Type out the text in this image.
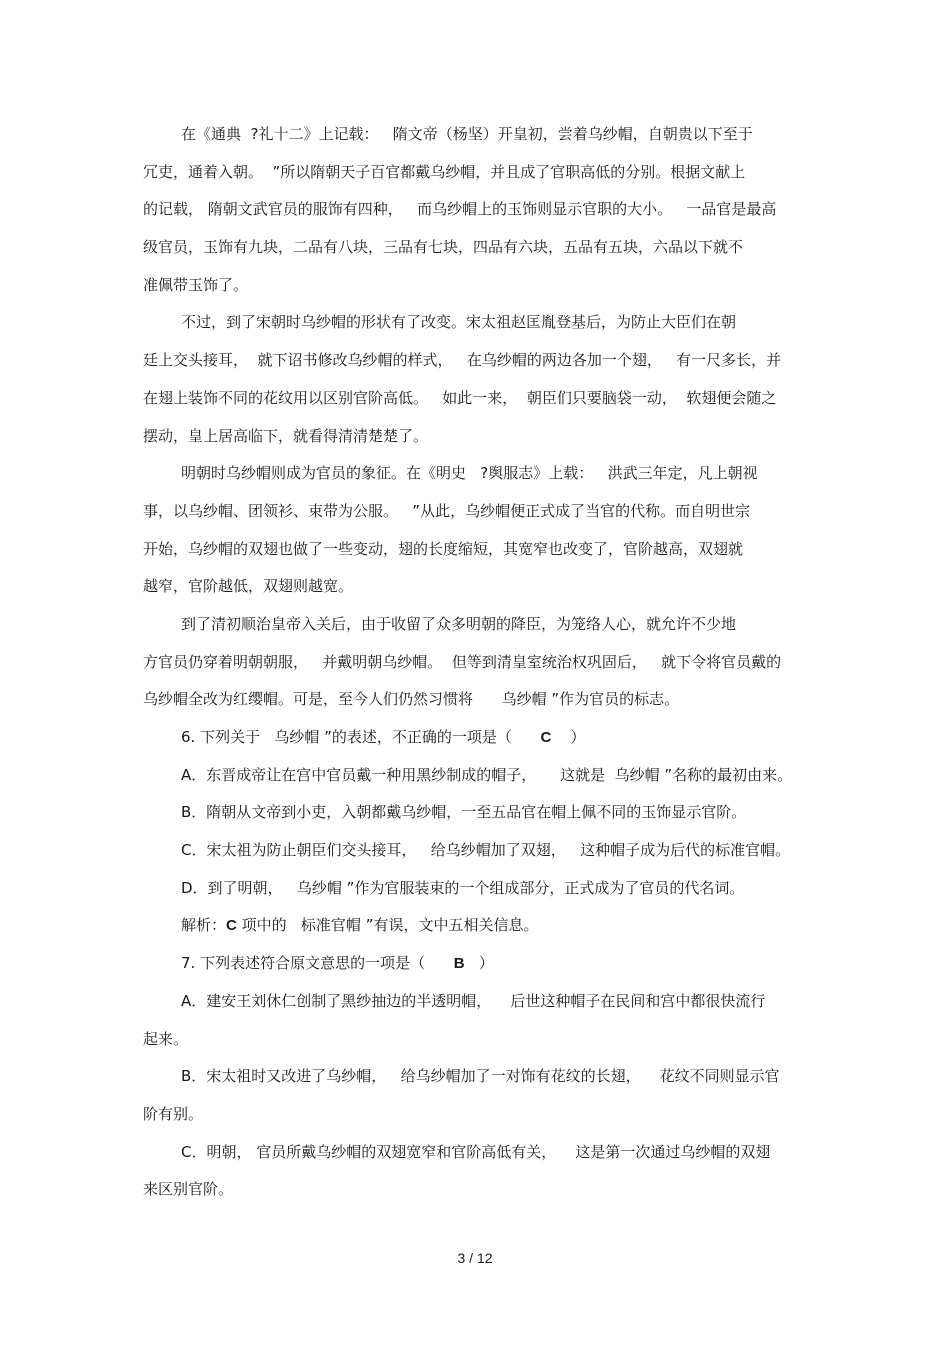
在《通典  ?礼十二》上记载：   隋文帝（杨坚）开皇初，尝着乌纱帽，自朝贵以下至于
冗吏，通着入朝。  ”所以隋朝天子百官都戴乌纱帽，并且成了官职高低的分别。根据文献上
的记载， 隋朝文武官员的服饰有四种，   而乌纱帽上的玉饰则显示官职的大小。   一品官是最高
级官员，玉饰有九块，二品有八块，三品有七块，四品有六块，五品有五块，六品以下就不
准佩带玉饰了。
不过，到了宋朝时乌纱帽的形状有了改变。宋太祖赵匡胤登基后，为防止大臣们在朝
廷上交头接耳，  就下诏书修改乌纱帽的样式，   在乌纱帽的两边各加一个翅，   有一尺多长，并
在翅上装饰不同的花纹用以区别官阶高低。   如此一来，  朝臣们只要脑袋一动，  软翅便会随之
摆动，皇上居高临下，就看得清清楚楚了。
明朝时乌纱帽则成为官员的象征。在《明史   ?舆服志》上载：   洪武三年定，凡上朝视
事，以乌纱帽、团领衫、束带为公服。   ”从此，乌纱帽便正式成了当官的代称。而自明世宗
开始，乌纱帽的双翅也做了一些变动，翅的长度缩短，其宽窄也改变了，官阶越高，双翅就
越窄，官阶越低，双翅则越宽。
到了清初顺治皇帝入关后，由于收留了众多明朝的降臣，为笼络人心，就允许不少地
方官员仍穿着明朝朝服，   并戴明朝乌纱帽。  但等到清皇室统治权巩固后，   就下令将官员戴的
乌纱帽全改为红缨帽。可是，至今人们仍然习惯将      乌纱帽 ”作为官员的标志。
6. 下列关于   乌纱帽 ”的表述，不正确的一项是（      C    ）
A．东晋成帝让在宫中官员戴一种用黑纱制成的帽子，     这就是  乌纱帽 ”名称的最初由来。
B．隋朝从文帝到小吏，入朝都戴乌纱帽，一至五品官在帽上佩不同的玉饰显示官阶。
C．宋太祖为防止朝臣们交头接耳，   给乌纱帽加了双翅，   这种帽子成为后代的标准官帽。
D．到了明朝，   乌纱帽 ”作为官服装束的一个组成部分，正式成为了官员的代名词。
解析：C 项中的   标准官帽 ”有误，文中五相关信息。
7. 下列表述符合原文意思的一项是（      B   ）
A．建安王刘休仁创制了黑纱抽边的半透明帽，    后世这种帽子在民间和宫中都很快流行
起来。
B．宋太祖时又改进了乌纱帽，   给乌纱帽加了一对饰有花纹的长翅，    花纹不同则显示官
阶有别。
C．明朝， 官员所戴乌纱帽的双翅宽窄和官阶高低有关，    这是第一次通过乌纱帽的双翅
来区别官阶。
3 / 12
